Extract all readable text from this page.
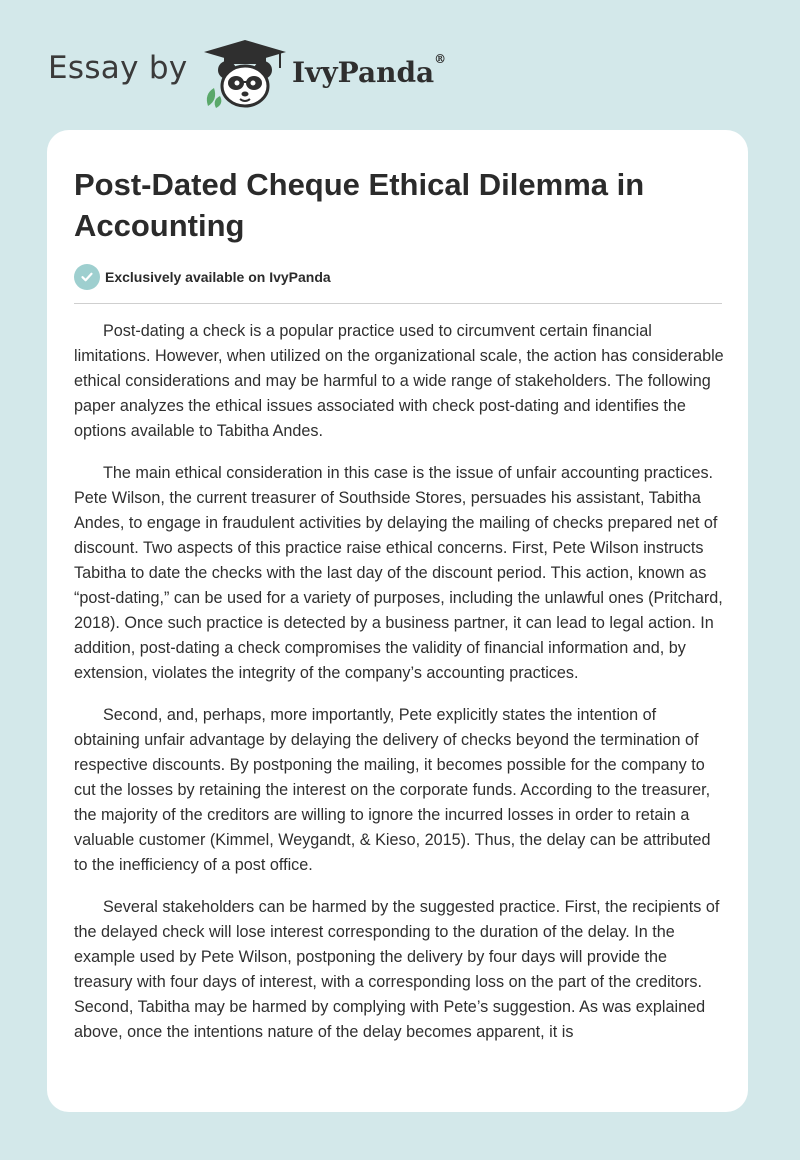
Essay by	IvyPanda®
Post-Dated Cheque Ethical Dilemma in Accounting
Exclusively available on IvyPanda

Post-dating a check is a popular practice used to circumvent certain financial limitations. However, when utilized on the organizational scale, the action has considerable ethical considerations and may be harmful to a wide range of stakeholders. The following paper analyzes the ethical issues associated with check post-dating and identifies the options available to Tabitha Andes.

The main ethical consideration in this case is the issue of unfair accounting practices. Pete Wilson, the current treasurer of Southside Stores, persuades his assistant, Tabitha Andes, to engage in fraudulent activities by delaying the mailing of checks prepared net of discount. Two aspects of this practice raise ethical concerns. First, Pete Wilson instructs Tabitha to date the checks with the last day of the discount period. This action, known as “post-dating,” can be used for a variety of purposes, including the unlawful ones (Pritchard, 2018). Once such practice is detected by a business partner, it can lead to legal action. In addition, post-dating a check compromises the validity of financial information and, by extension, violates the integrity of the company’s accounting practices.

Second, and, perhaps, more importantly, Pete explicitly states the intention of obtaining unfair advantage by delaying the delivery of checks beyond the termination of respective discounts. By postponing the mailing, it becomes possible for the company to cut the losses by retaining the interest on the corporate funds. According to the treasurer, the majority of the creditors are willing to ignore the incurred losses in order to retain a valuable customer (Kimmel, Weygandt, & Kieso, 2015). Thus, the delay can be attributed to the inefficiency of a post office.

Several stakeholders can be harmed by the suggested practice. First, the recipients of the delayed check will lose interest corresponding to the duration of the delay. In the example used by Pete Wilson, postponing the delivery by four days will provide the treasury with four days of interest, with a corresponding loss on the part of the creditors. Second, Tabitha may be harmed by complying with Pete’s suggestion. As was explained above, once the intentions nature of the delay becomes apparent, it is
